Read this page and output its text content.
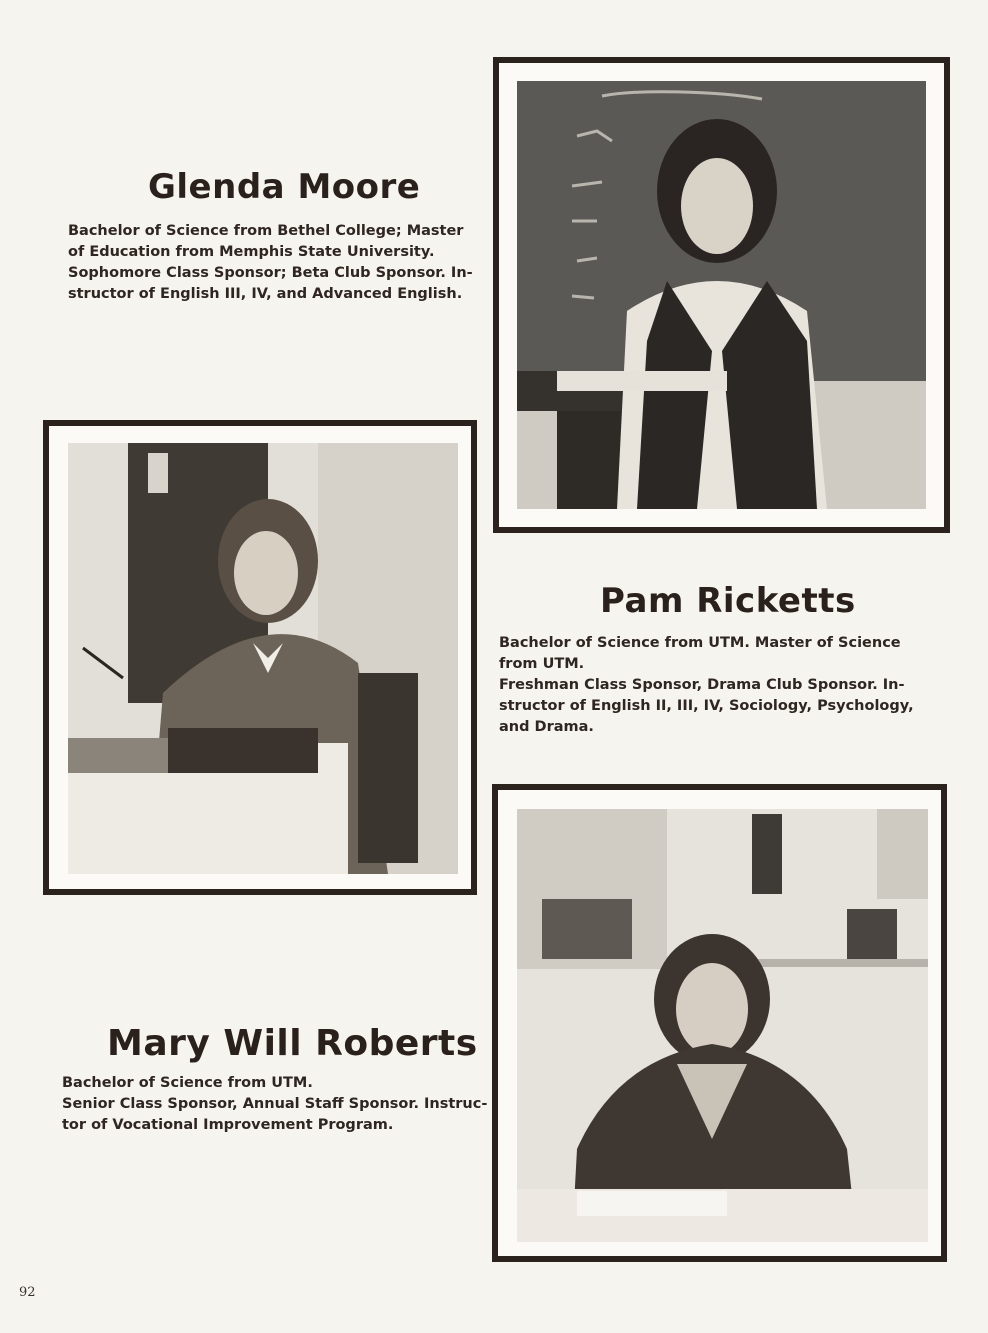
Glenda Moore

Bachelor of Science from Bethel College; Master
of Education from Memphis State University.
Sophomore Class Sponsor; Beta Club Sponsor. In-
structor of English III, IV, and Advanced English.

Pam Ricketts

Bachelor of Science from UTM. Master of Science
from UTM.
Freshman Class Sponsor, Drama Club Sponsor. In-
structor of English II, III, IV, Sociology, Psychology,
and Drama.

Mary Will Roberts

Bachelor of Science from UTM.
Senior Class Sponsor, Annual Staff Sponsor. Instruc-
tor of Vocational Improvement Program.

92
